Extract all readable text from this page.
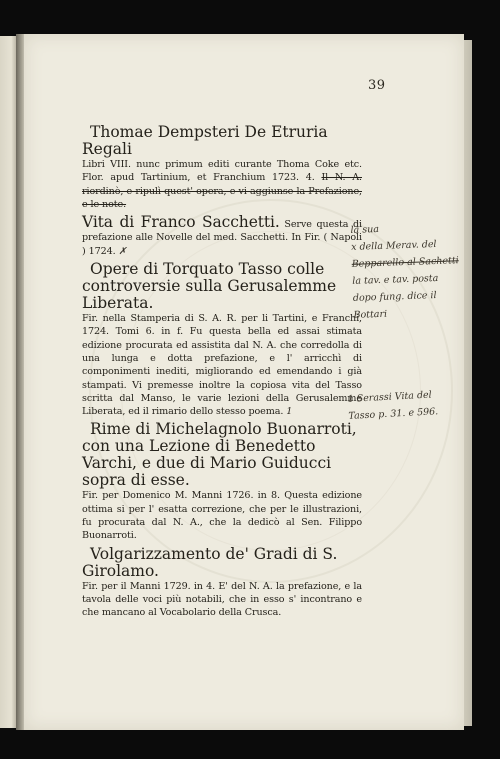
39

Thomae Dempsteri De Etruria Regali

Libri VIII. nunc primum editi curante Thoma Coke etc. Flor. apud Tartinium, et Franchium 1723. 4. Il N. A. riordinò, e ripulì quest' opera, e vi aggiunse la Prefazione, e le note.

Vita di Franco Sacchetti. Serve questa di prefazione alle Novelle del med. Sacchetti. In Fir. ( Napoli ) 1724. ✗

Opere di Torquato Tasso colle controversie sulla Gerusalemme Liberata.

Fir. nella Stamperia di S. A. R. per li Tartini, e Franchi, 1724. Tomi 6. in f. Fu questa bella ed assai stimata edizione procurata ed assistita dal N. A. che corredolla di una lunga e dotta prefazione, e l' arricchì di componimenti inediti, migliorando ed emendando i già stampati. Vi premesse inoltre la copiosa vita del Tasso scritta dal Manso, le varie lezioni della Gerusalemme Liberata, ed il rimario dello stesso poema. 1

Rime di Michelagnolo Buonarroti, con una Lezione di Benedetto Varchi, e due di Mario Guiducci sopra di esse.

Fir. per Domenico M. Manni 1726. in 8. Questa edizione ottima si per l' esatta correzione, che per le illustrazioni, fu procurata dal N. A., che la dedicò al Sen. Filippo Buonarroti.

Volgarizzamento de' Gradi di S. Girolamo.

Fir. per il Manni 1729. in 4. E' del N. A. la prefazione, e la tavola delle voci più notabili, che in esso s' incontrano e che mancano al Vocabolario della Crusca.

la sua
x della Merav. del
Bepparello al Sachetti
la tav. e tav. posta
dopo fung. dice il
Bottari
1 Serassi Vita del
Tasso p. 31. e 596.
